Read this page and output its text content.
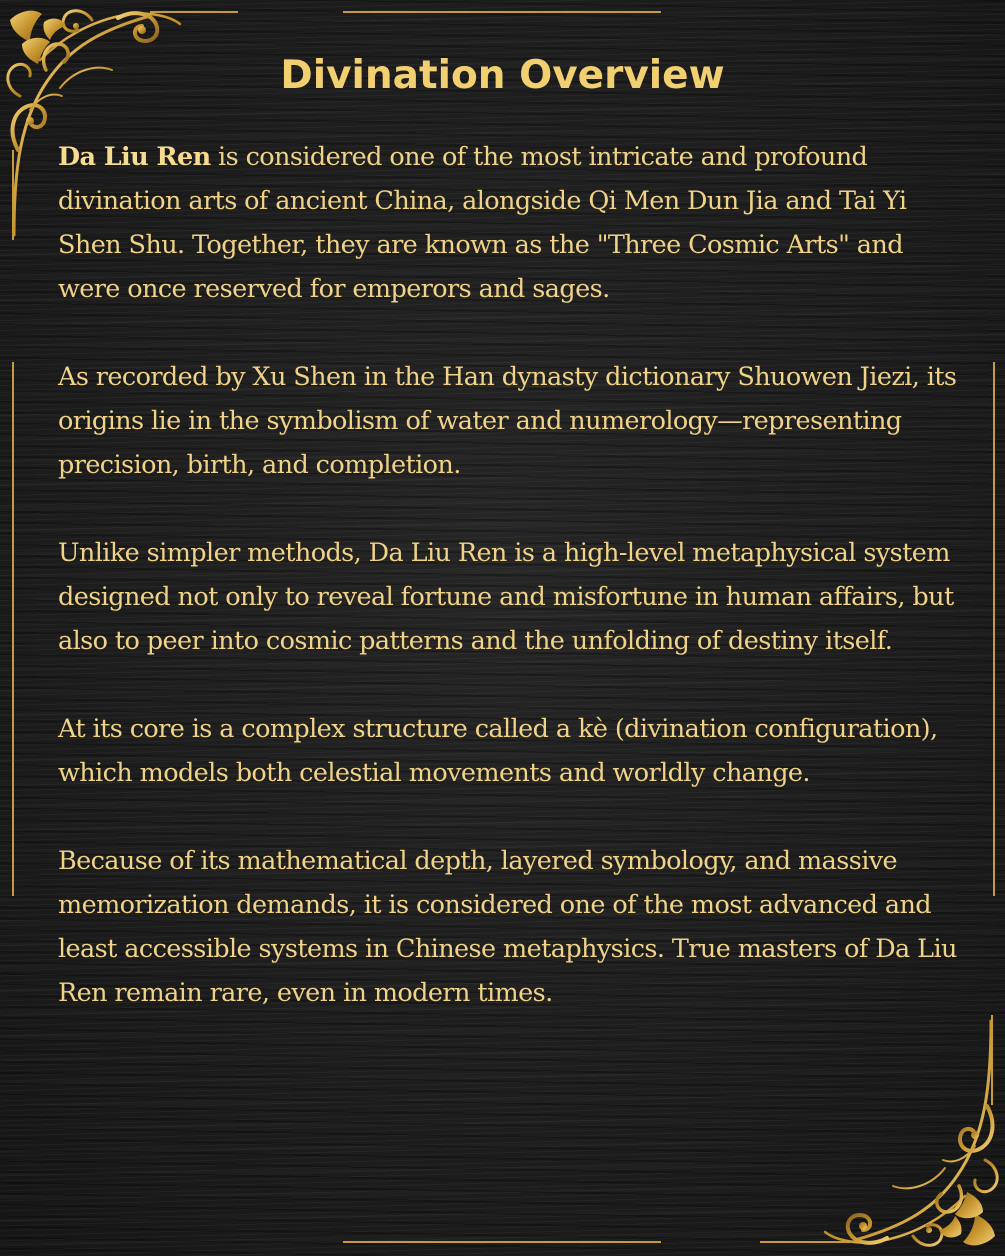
Divination Overview

Da Liu Ren is considered one of the most intricate and profound divination arts of ancient China, alongside Qi Men Dun Jia and Tai Yi Shen Shu. Together, they are known as the "Three Cosmic Arts" and were once reserved for emperors and sages.

As recorded by Xu Shen in the Han dynasty dictionary Shuowen Jiezi, its origins lie in the symbolism of water and numerology—representing precision, birth, and completion.

Unlike simpler methods, Da Liu Ren is a high-level metaphysical system designed not only to reveal fortune and misfortune in human affairs, but also to peer into cosmic patterns and the unfolding of destiny itself.

At its core is a complex structure called a kè (divination configuration), which models both celestial movements and worldly change.

Because of its mathematical depth, layered symbology, and massive memorization demands, it is considered one of the most advanced and least accessible systems in Chinese metaphysics. True masters of Da Liu Ren remain rare, even in modern times.
